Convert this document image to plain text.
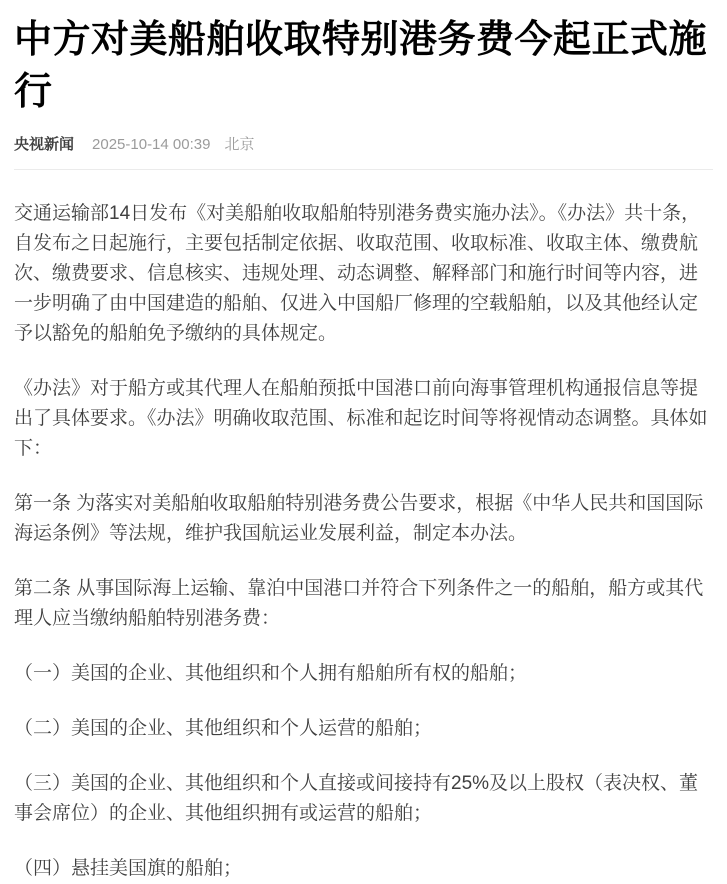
中方对美船舶收取特别港务费今起正式施行
央视新闻 2025-10-14 00:39 北京

交通运输部14日发布《对美船舶收取船舶特别港务费实施办法》。《办法》共十条，自发布之日起施行，主要包括制定依据、收取范围、收取标准、收取主体、缴费航次、缴费要求、信息核实、违规处理、动态调整、解释部门和施行时间等内容，进一步明确了由中国建造的船舶、仅进入中国船厂修理的空载船舶，以及其他经认定予以豁免的船舶免予缴纳的具体规定。

《办法》对于船方或其代理人在船舶预抵中国港口前向海事管理机构通报信息等提出了具体要求。《办法》明确收取范围、标准和起讫时间等将视情动态调整。具体如下：

第一条 为落实对美船舶收取船舶特别港务费公告要求，根据《中华人民共和国国际海运条例》等法规，维护我国航运业发展利益，制定本办法。

第二条 从事国际海上运输、靠泊中国港口并符合下列条件之一的船舶，船方或其代理人应当缴纳船舶特别港务费：

（一）美国的企业、其他组织和个人拥有船舶所有权的船舶；

（二）美国的企业、其他组织和个人运营的船舶；

（三）美国的企业、其他组织和个人直接或间接持有25%及以上股权（表决权、董事会席位）的企业、其他组织拥有或运营的船舶；

（四）悬挂美国旗的船舶；
